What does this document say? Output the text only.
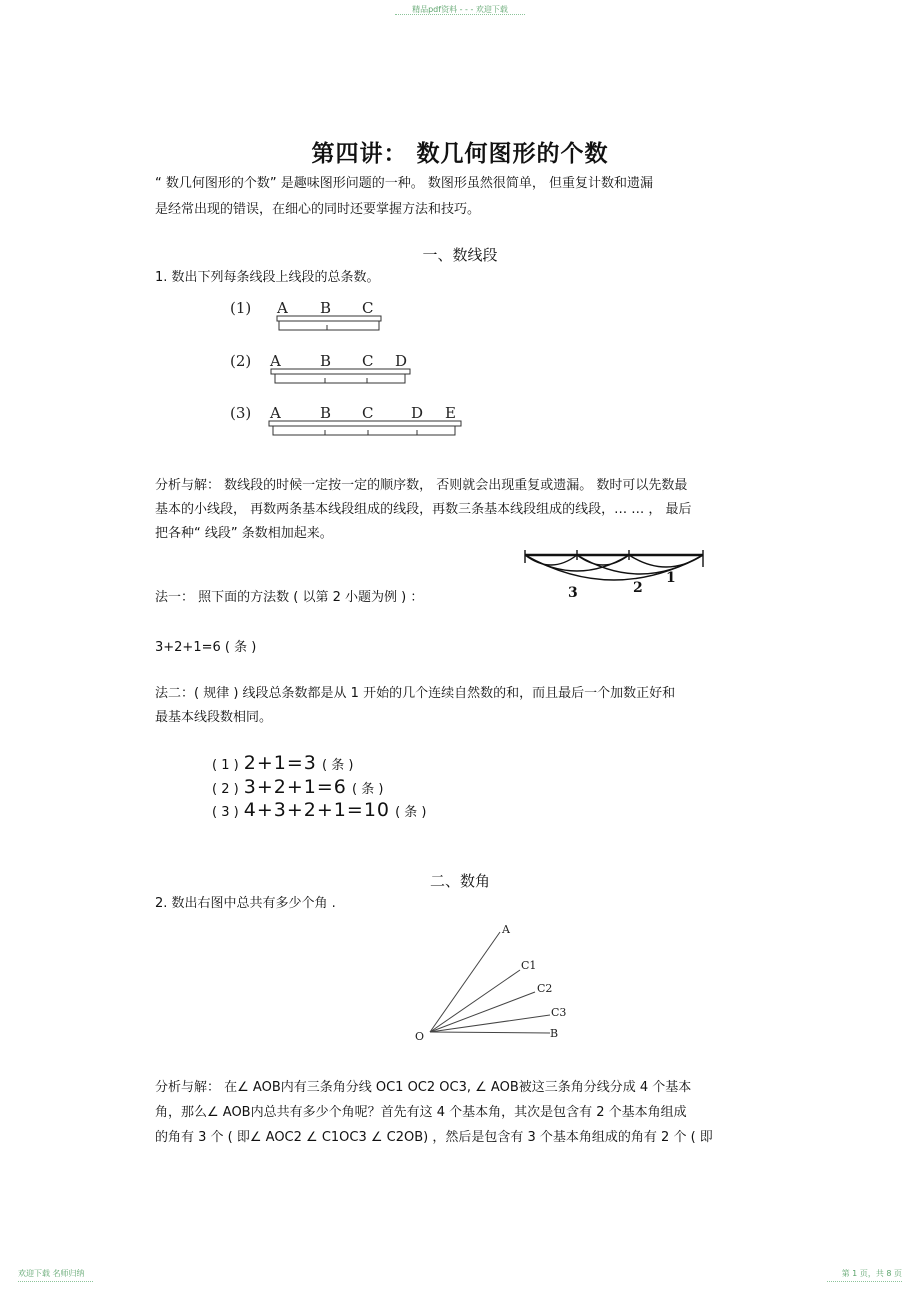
精品pdf资料 - - - 欢迎下载
第四讲： 数几何图形的个数
“ 数几何图形的个数” 是趣味图形问题的一种。 数图形虽然很简单， 但重复计数和遗漏
是经常出现的错误，在细心的同时还要掌握方法和技巧。
一、数线段
1. 数出下列每条线段上线段的总条数。
(1) A B C
(2) A	B C D
(3) A	B C	D E
分析与解： 数线段的时候一定按一定的顺序数， 否则就会出现重复或遗漏。 数时可以先数最
基本的小线段， 再数两条基本线段组成的线段，再数三条基本线段组成的线段，… … ， 最后
把各种“ 线段” 条数相加起来。
3	2
1
法一： 照下面的方法数 ( 以第 2 小题为例 ) ：
3+2+1=6 ( 条 )
法二：( 规律 ) 线段总条数都是从 1 开始的几个连续自然数的和，而且最后一个加数正好和
最基本线段数相同。
( 1 ) 2+1=3 ( 条 )
( 2 ) 3+2+1=6 ( 条 )
( 3 ) 4+3+2+1=10 ( 条 )
二、数角
2. 数出右图中总共有多少个角 .
A
C1
C2
C3
B
O
分析与解： 在∠ AOB内有三条角分线 OC1 OC2 OC3, ∠ AOB被这三条角分线分成 4 个基本
角，那么∠ AOB内总共有多少个角呢？首先有这 4 个基本角，其次是包含有 2 个基本角组成
的角有 3 个 ( 即∠ AOC2 ∠ C1OC3 ∠ C2OB) ，然后是包含有 3 个基本角组成的角有 2 个 ( 即
欢迎下载 名师归纳	第 1 页，共 8 页
